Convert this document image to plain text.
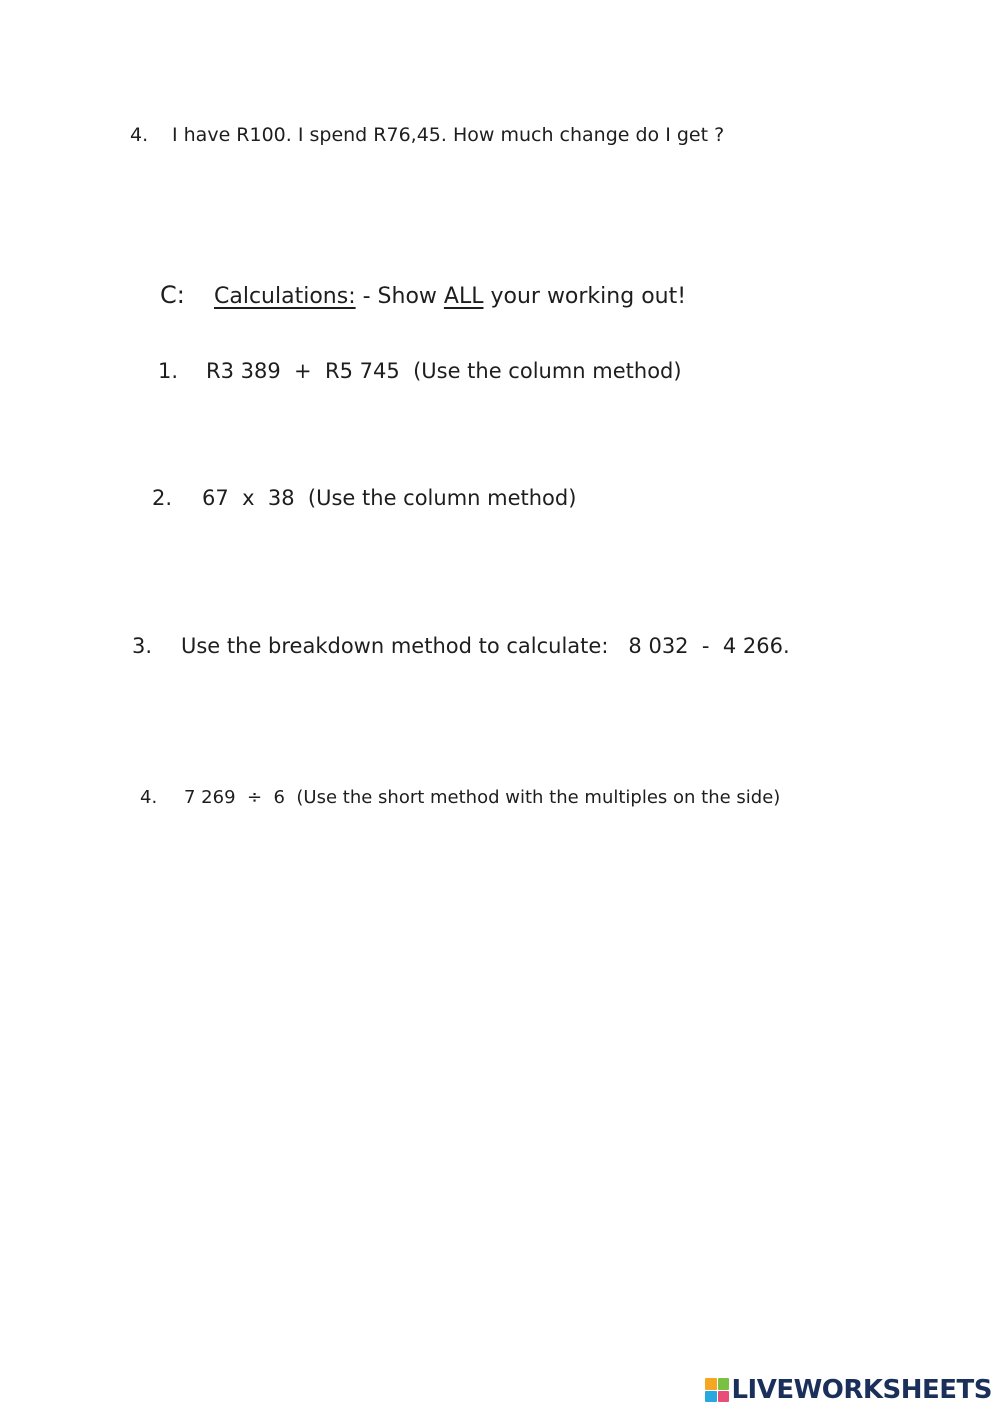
4. I have R100. I spend R76,45. How much change do I get ?
C: Calculations: - Show ALL your working out!
1. R3 389  +  R5 745  (Use the column method)
2. 67  x  38  (Use the column method)
3. Use the breakdown method to calculate:   8 032  -  4 266.
4. 7 269  ÷  6  (Use the short method with the multiples on the side)
LIVEWORKSHEETS
